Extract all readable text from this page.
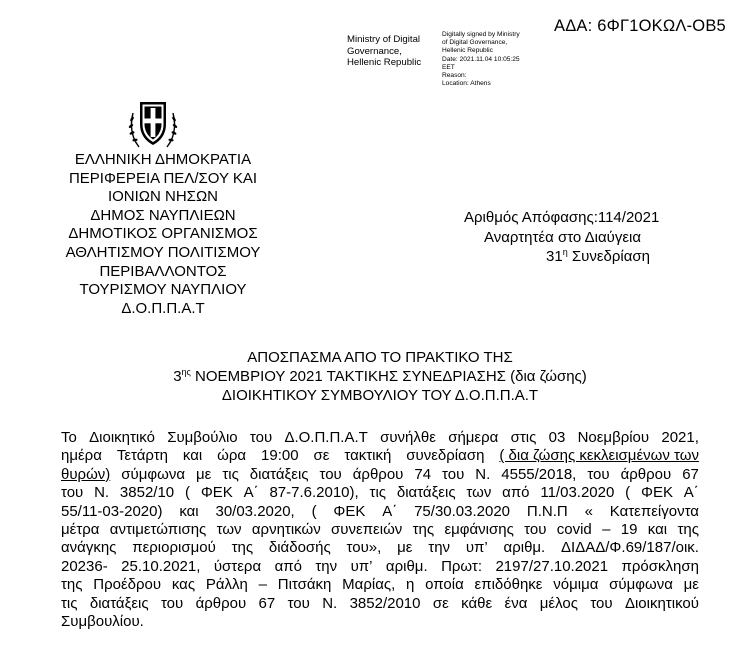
ΑΔΑ: 6ΦΓ1ΟΚΩΛ-ΟΒ5
Ministry of Digital
Governance,
Hellenic Republic
Digitally signed by Ministry
of Digital Governance,
Hellenic Republic
Date: 2021.11.04 10:05:25
EET
Reason:
Location: Athens
ΕΛΛΗΝΙΚΗ ΔΗΜΟΚΡΑΤΙΑ
ΠΕΡΙΦΕΡΕΙΑ ΠΕΛ/ΣΟΥ ΚΑΙ
ΙΟΝΙΩΝ ΝΗΣΩΝ
ΔΗΜΟΣ ΝΑΥΠΛΙΕΩΝ
ΔΗΜΟΤΙΚΟΣ ΟΡΓΑΝΙΣΜΟΣ
ΑΘΛΗΤΙΣΜΟΥ ΠΟΛΙΤΙΣΜΟΥ
ΠΕΡΙΒΑΛΛΟΝΤΟΣ
ΤΟΥΡΙΣΜΟΥ ΝΑΥΠΛΙΟΥ
Δ.Ο.Π.Π.Α.Τ
Αριθμός Απόφασης:114/2021
Αναρτητέα στο Διαύγεια
$31^\eta$ Συνεδρίαση
ΑΠΟΣΠΑΣΜΑ ΑΠΟ ΤΟ ΠΡΑΚΤΙΚΟ ΤΗΣ
$3^{\eta\varsigma}$ ΝΟΕΜΒΡΙΟΥ 2021 ΤΑΚΤΙΚΗΣ ΣΥΝΕΔΡΙΑΣΗΣ (δια ζώσης)
ΔΙΟΙΚΗΤΙΚΟΥ ΣΥΜΒΟΥΛΙΟΥ ΤΟΥ Δ.Ο.Π.Π.Α.Τ
Το Διοικητικό Συμβούλιο του Δ.Ο.Π.Π.Α.Τ συνήλθε σήμερα στις 03 Νοεμβρίου 2021,
ημέρα Τετάρτη και ώρα 19:00 σε τακτική συνεδρίαση ( δια ζώσης κεκλεισμένων των
θυρών) σύμφωνα με τις διατάξεις του άρθρου 74 του Ν. 4555/2018, του άρθρου 67
του Ν. 3852/10 ( ΦΕΚ Α΄ 87-7.6.2010), τις διατάξεις των από 11/03.2020 ( ΦΕΚ Α΄
55/11-03-2020) και 30/03.2020, ( ΦΕΚ Α΄ 75/30.03.2020 Π.Ν.Π « Κατεπείγοντα
μέτρα αντιμετώπισης των αρνητικών συνεπειών της εμφάνισης του covid – 19 και της
ανάγκης περιορισμού της διάδοσής του», με την υπ’ αριθμ. ΔΙΔΑΔ/Φ.69/187/οικ.
20236- 25.10.2021, ύστερα από την υπ’ αριθμ. Πρωτ: 2197/27.10.2021 πρόσκληση
της Προέδρου κας Ράλλη – Πιτσάκη Μαρίας, η οποία επιδόθηκε νόμιμα σύμφωνα με
τις διατάξεις του άρθρου 67 του Ν. 3852/2010 σε κάθε ένα μέλος του Διοικητικού
Συμβουλίου.
